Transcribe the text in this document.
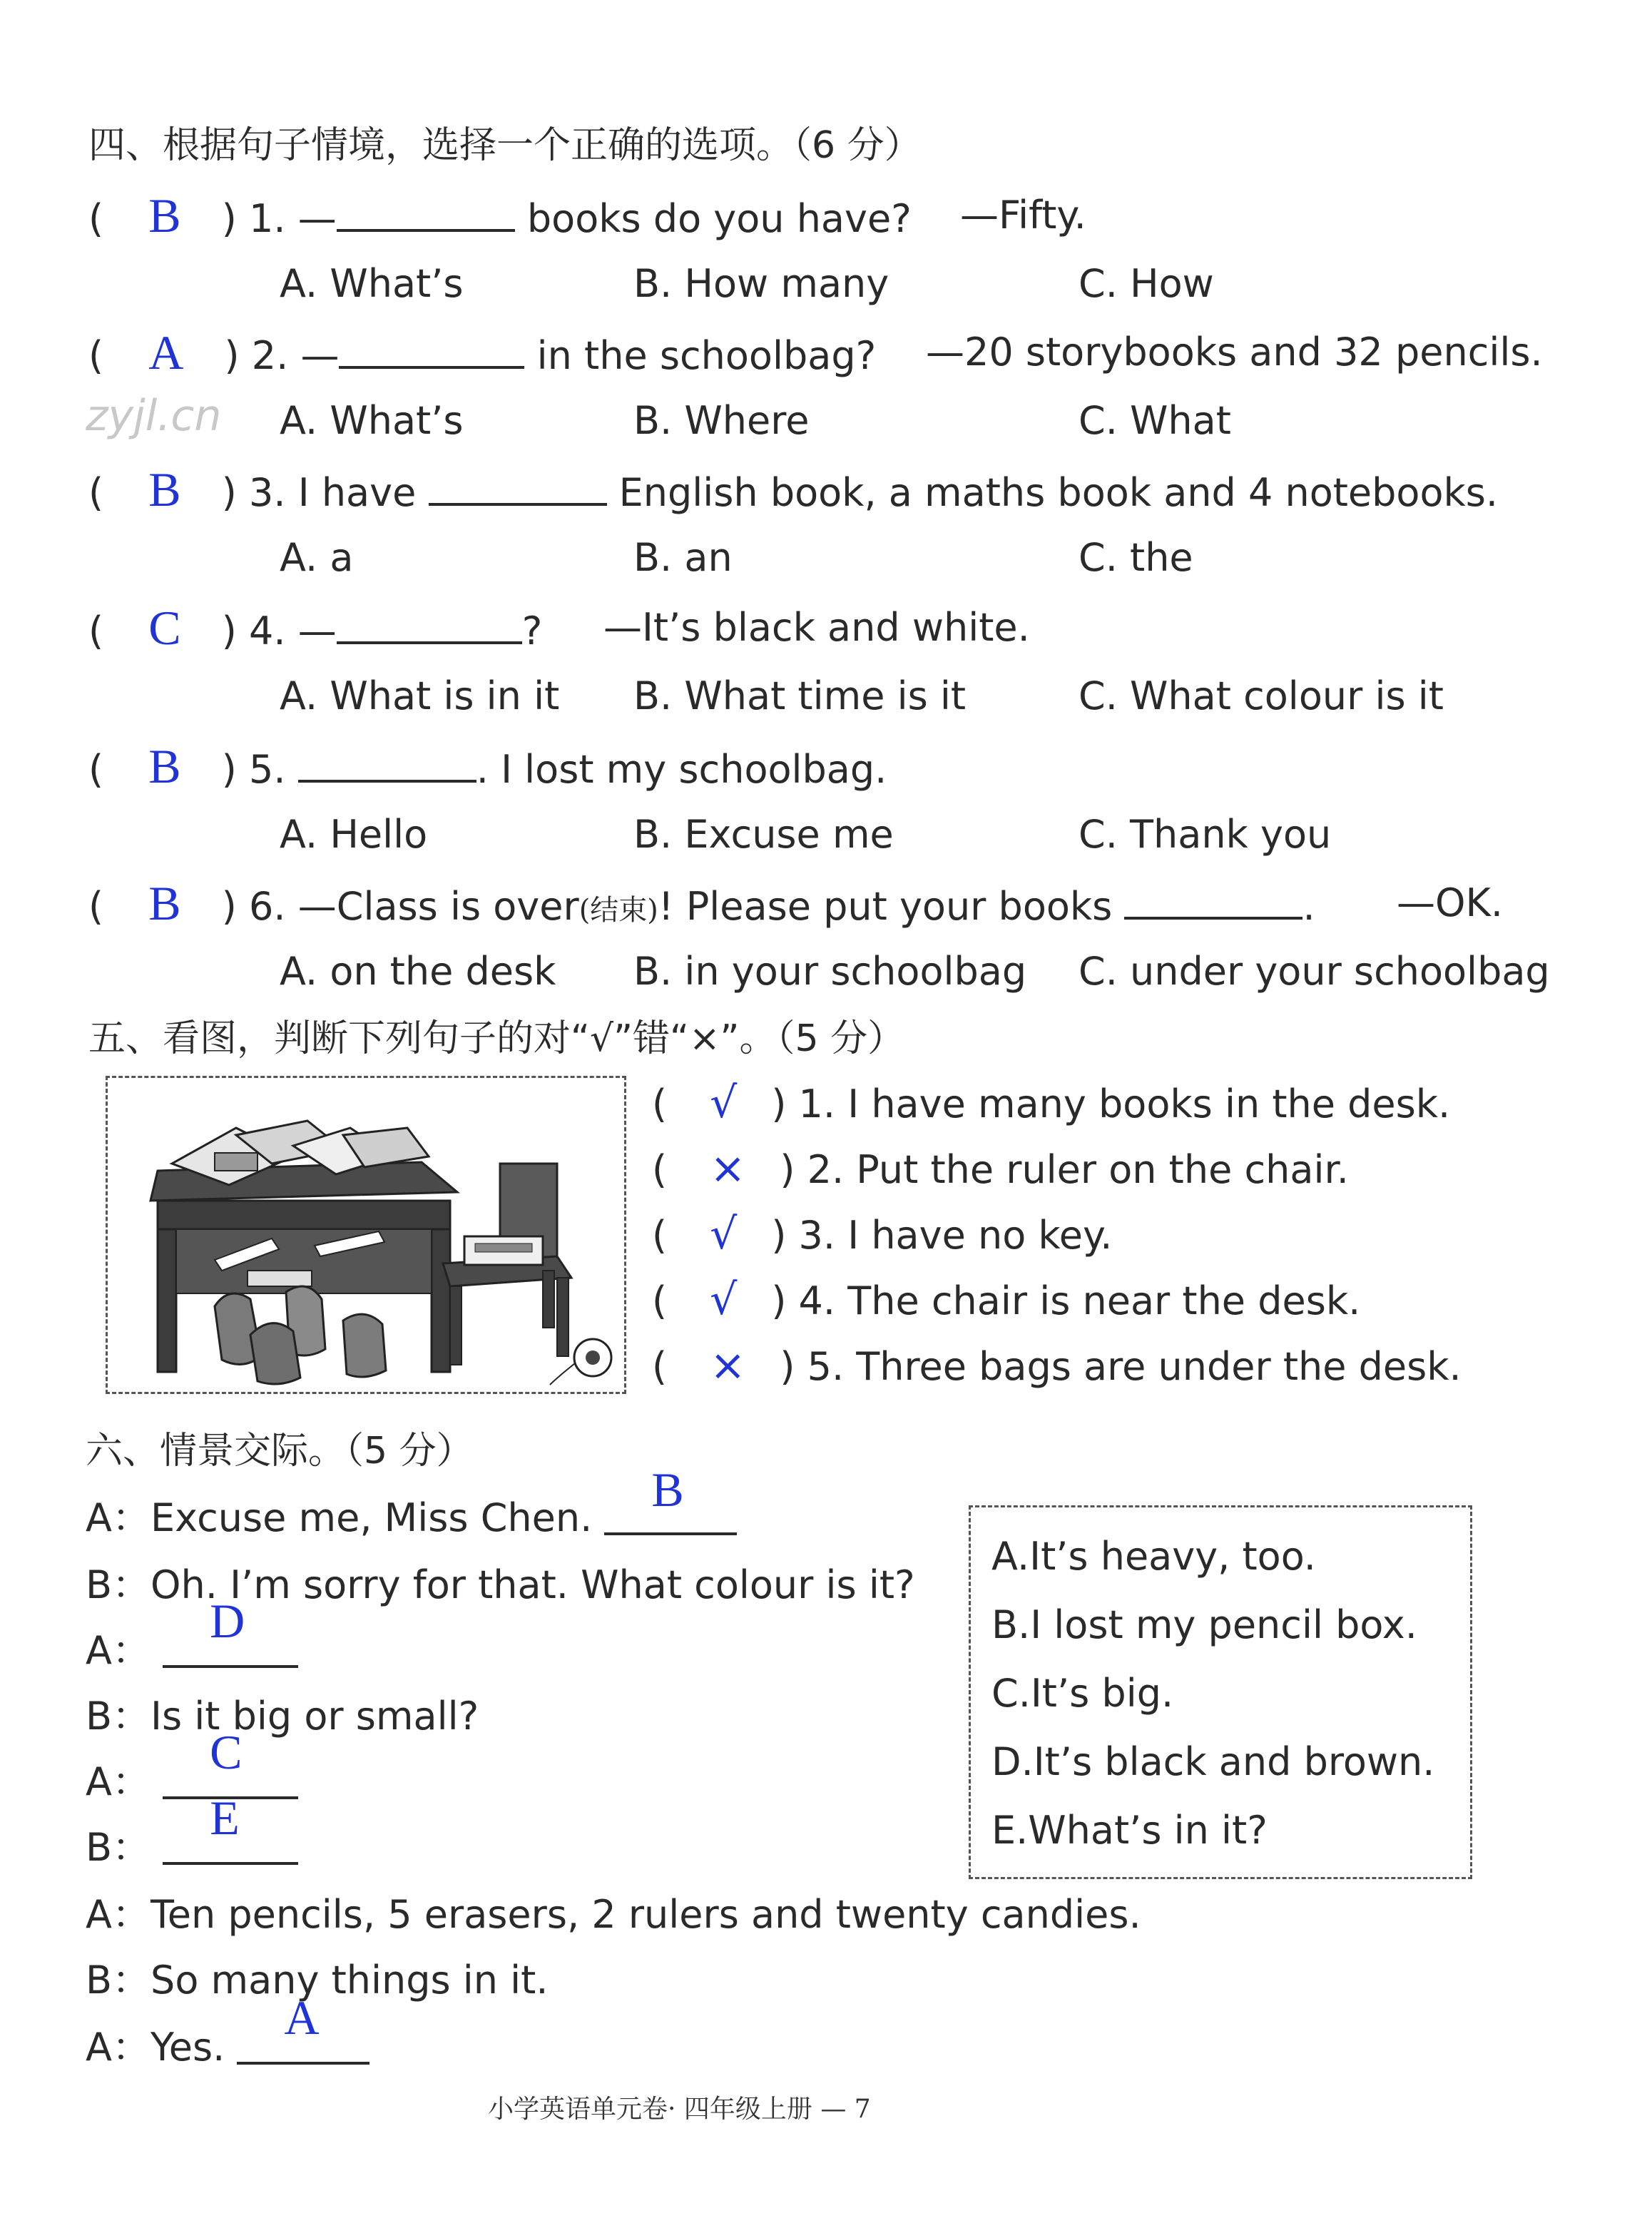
四、根据句子情境，选择一个正确的选项。（6 分）
( B ) 1. —	books do you have? —Fifty.
A. What’s	B. How many	C. How
( A ) 2. —	in the schoolbag? —20 storybooks and 32 pencils.
zyjl.cn A. What’s	B. Where	C. What
( B ) 3. I have	English book, a maths book and 4 notebooks.
A. a	B. an	C. the
( C ) 4. —	? —It’s black and white.
A. What is in it B. What time is it	C. What colour is it
( B ) 5.	. I lost my schoolbag.
A. Hello	B. Excuse me	C. Thank you
( B ) 6. —Class is over(结束)! Please put your books	. —OK.
A. on the desk B. in your schoolbag C. under your schoolbag
五、看图，判断下列句子的对“√”错“×”。（5 分）
( √ ) 1. I have many books in the desk.
( × ) 2. Put the ruler on the chair.
( √ ) 3. I have no key.
( √ ) 4. The chair is near the desk.
( × ) 5. Three bags are under the desk.
六、情景交际。（5 分）
A：Excuse me, Miss Chen.
B
B：Oh. I’m sorry for that. What colour is it?
A：
D
B：Is it big or small?
A：
C
B：
E
A：Ten pencils, 5 erasers, 2 rulers and twenty candies.
B：So many things in it.
A：Yes.
A
A.It’s heavy, too.
B.I lost my pencil box.
C.It’s big.
D.It’s black and brown.
E.What’s in it?
小学英语单元卷· 四年级上册 — 7
